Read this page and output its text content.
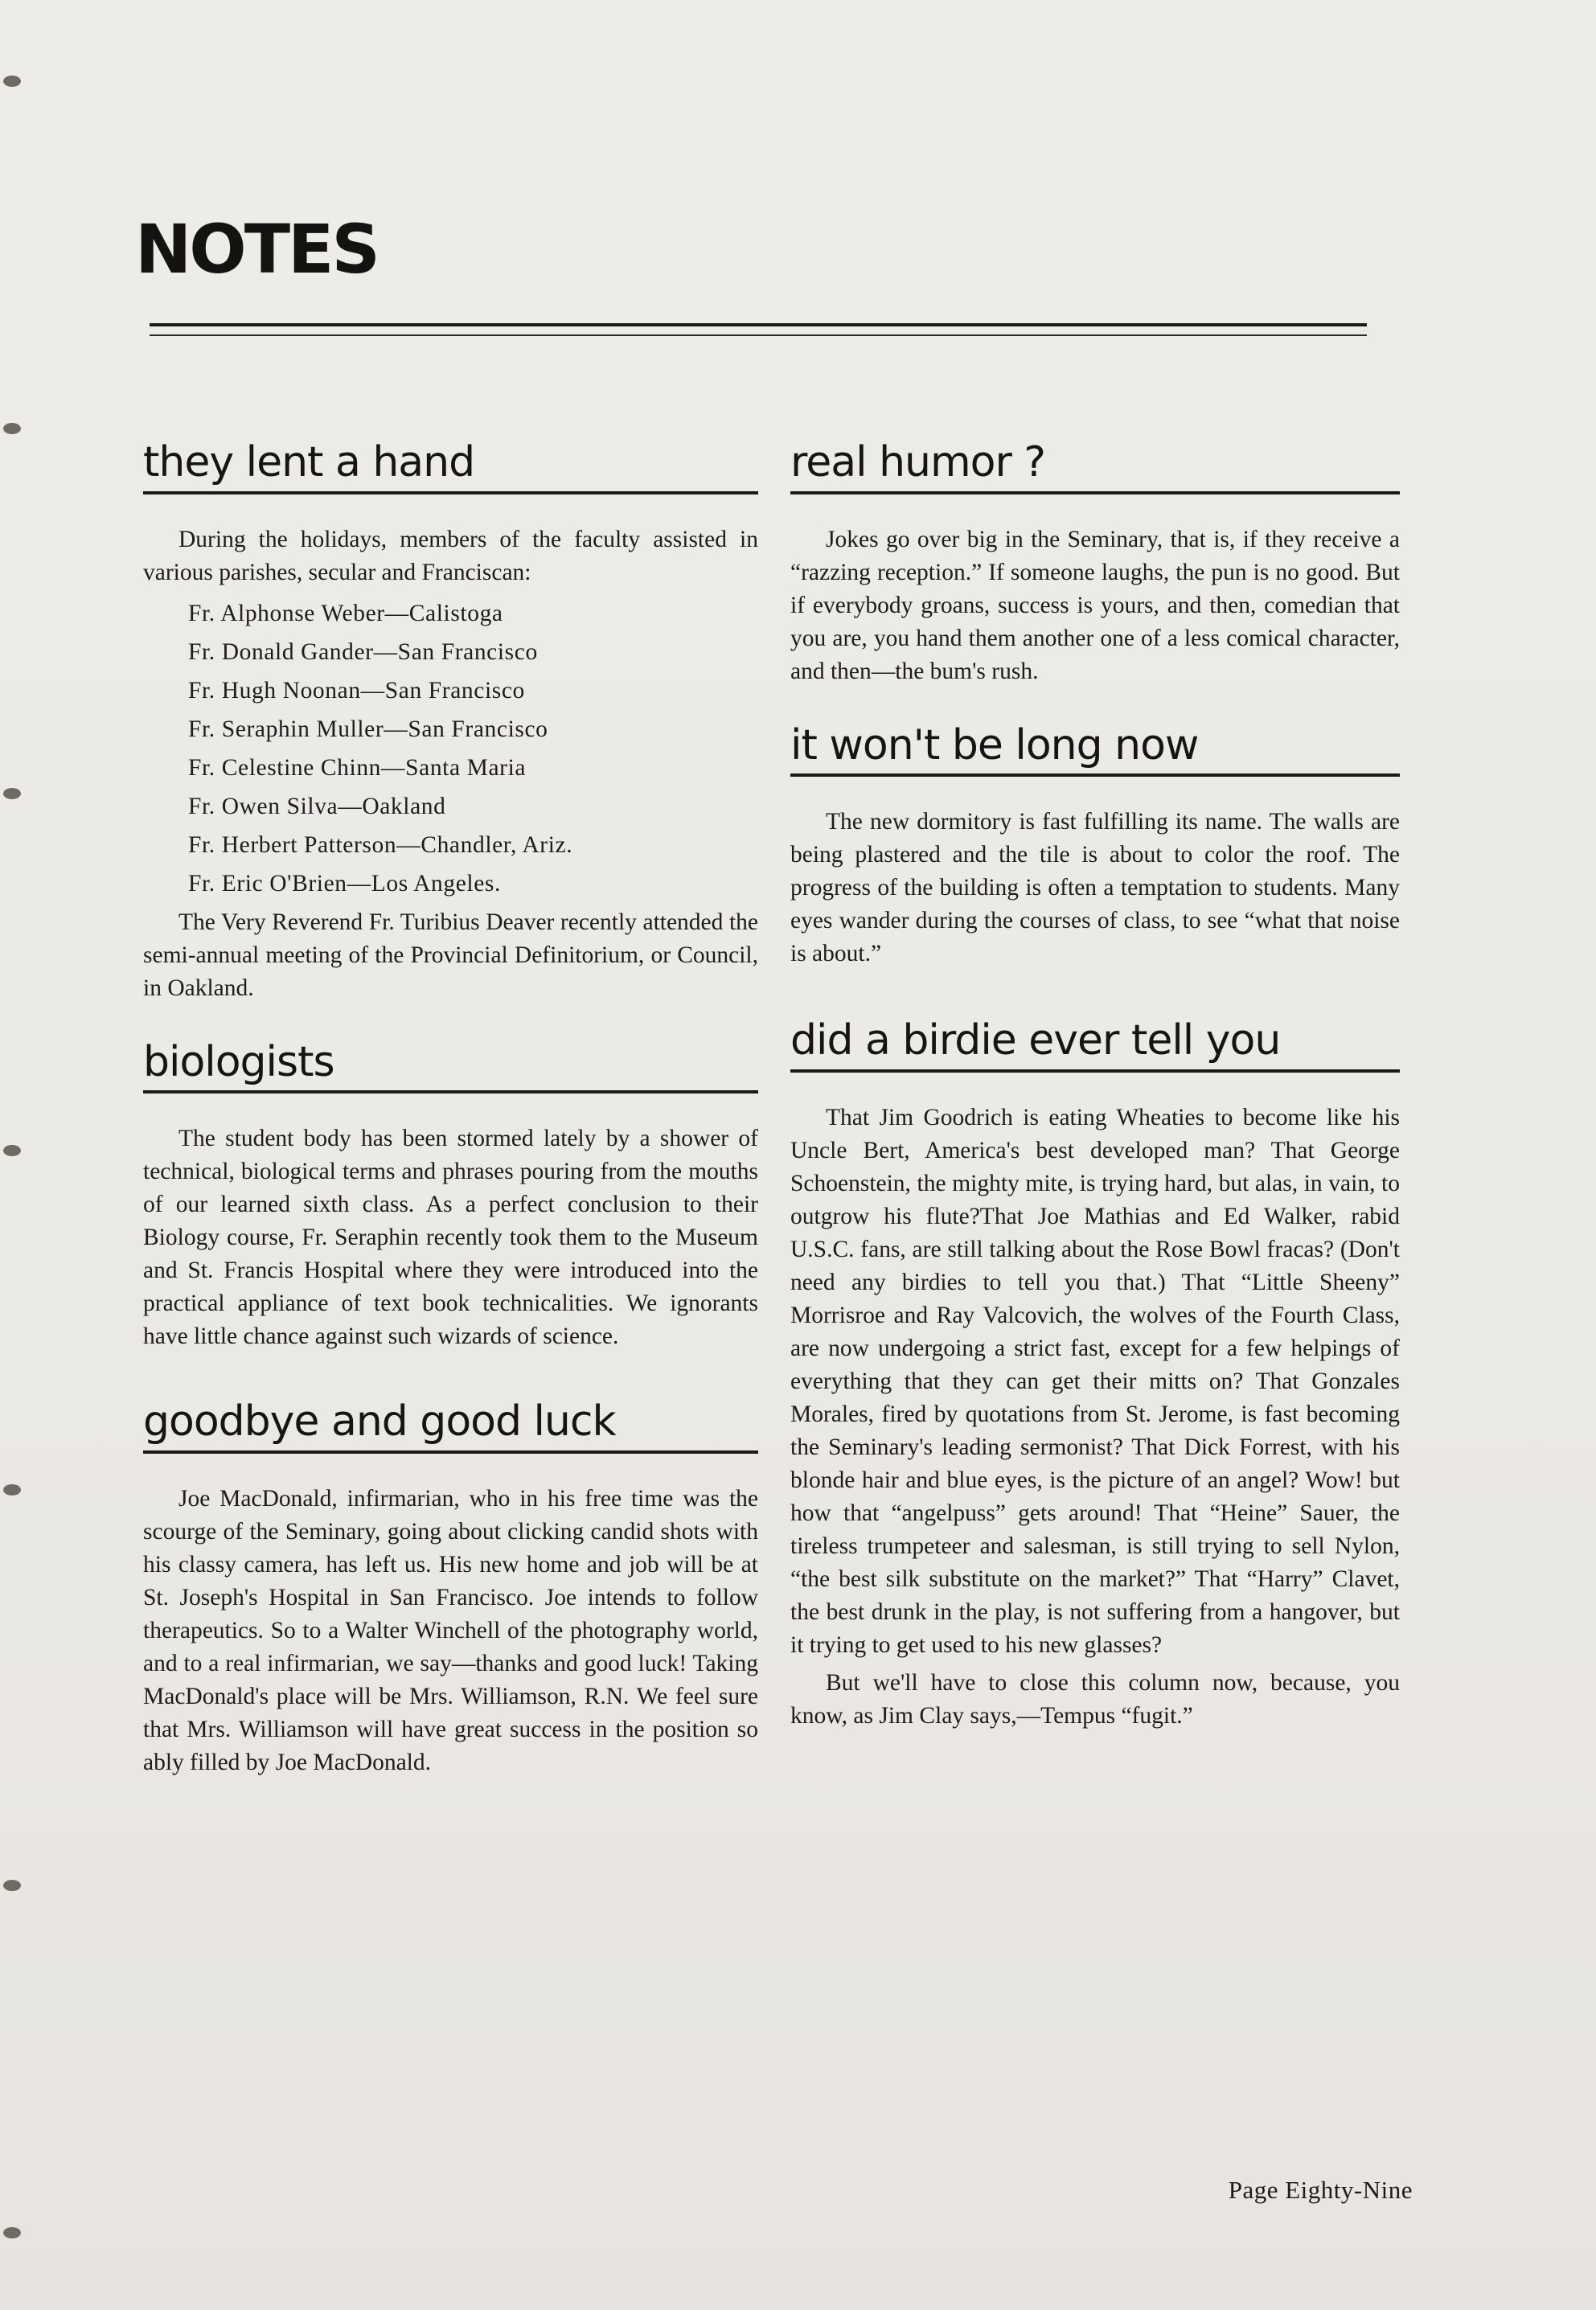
NOTES
they lent a hand

During the holidays, members of the faculty assisted in various parishes, secular and Franciscan:

Fr. Alphonse Weber—Calistoga
Fr. Donald Gander—San Francisco
Fr. Hugh Noonan—San Francisco
Fr. Seraphin Muller—San Francisco
Fr. Celestine Chinn—Santa Maria
Fr. Owen Silva—Oakland
Fr. Herbert Patterson—Chandler, Ariz.
Fr. Eric O'Brien—Los Angeles.

The Very Reverend Fr. Turibius Deaver recently attended the semi-annual meeting of the Provincial Definitorium, or Council, in Oakland.

biologists

The student body has been stormed lately by a shower of technical, biological terms and phrases pouring from the mouths of our learned sixth class. As a perfect conclusion to their Biology course, Fr. Seraphin recently took them to the Museum and St. Francis Hospital where they were introduced into the practical appliance of text book technicalities. We ignorants have little chance against such wizards of science.

goodbye and good luck

Joe MacDonald, infirmarian, who in his free time was the scourge of the Seminary, going about clicking candid shots with his classy camera, has left us. His new home and job will be at St. Joseph's Hospital in San Francisco. Joe intends to follow therapeutics. So to a Walter Winchell of the photography world, and to a real infirmarian, we say—thanks and good luck! Taking MacDonald's place will be Mrs. Williamson, R.N. We feel sure that Mrs. Williamson will have great success in the position so ably filled by Joe MacDonald.

real humor ?

Jokes go over big in the Seminary, that is, if they receive a “razzing reception.” If someone laughs, the pun is no good. But if everybody groans, success is yours, and then, comedian that you are, you hand them another one of a less comical character, and then—the bum's rush.

it won't be long now

The new dormitory is fast fulfilling its name. The walls are being plastered and the tile is about to color the roof. The progress of the building is often a temptation to students. Many eyes wander during the courses of class, to see “what that noise is about.”

did a birdie ever tell you

That Jim Goodrich is eating Wheaties to become like his Uncle Bert, America's best developed man? That George Schoenstein, the mighty mite, is trying hard, but alas, in vain, to outgrow his flute?That Joe Mathias and Ed Walker, rabid U.S.C. fans, are still talking about the Rose Bowl fracas? (Don't need any birdies to tell you that.) That “Little Sheeny” Morrisroe and Ray Valcovich, the wolves of the Fourth Class, are now undergoing a strict fast, except for a few helpings of everything that they can get their mitts on? That Gonzales Morales, fired by quotations from St. Jerome, is fast becoming the Seminary's leading sermonist? That Dick Forrest, with his blonde hair and blue eyes, is the picture of an angel? Wow! but how that “angelpuss” gets around! That “Heine” Sauer, the tireless trumpeteer and salesman, is still trying to sell Nylon, “the best silk substitute on the market?” That “Harry” Clavet, the best drunk in the play, is not suffering from a hangover, but it trying to get used to his new glasses?

But we'll have to close this column now, because, you know, as Jim Clay says,—Tempus “fugit.”

Page Eighty-Nine
